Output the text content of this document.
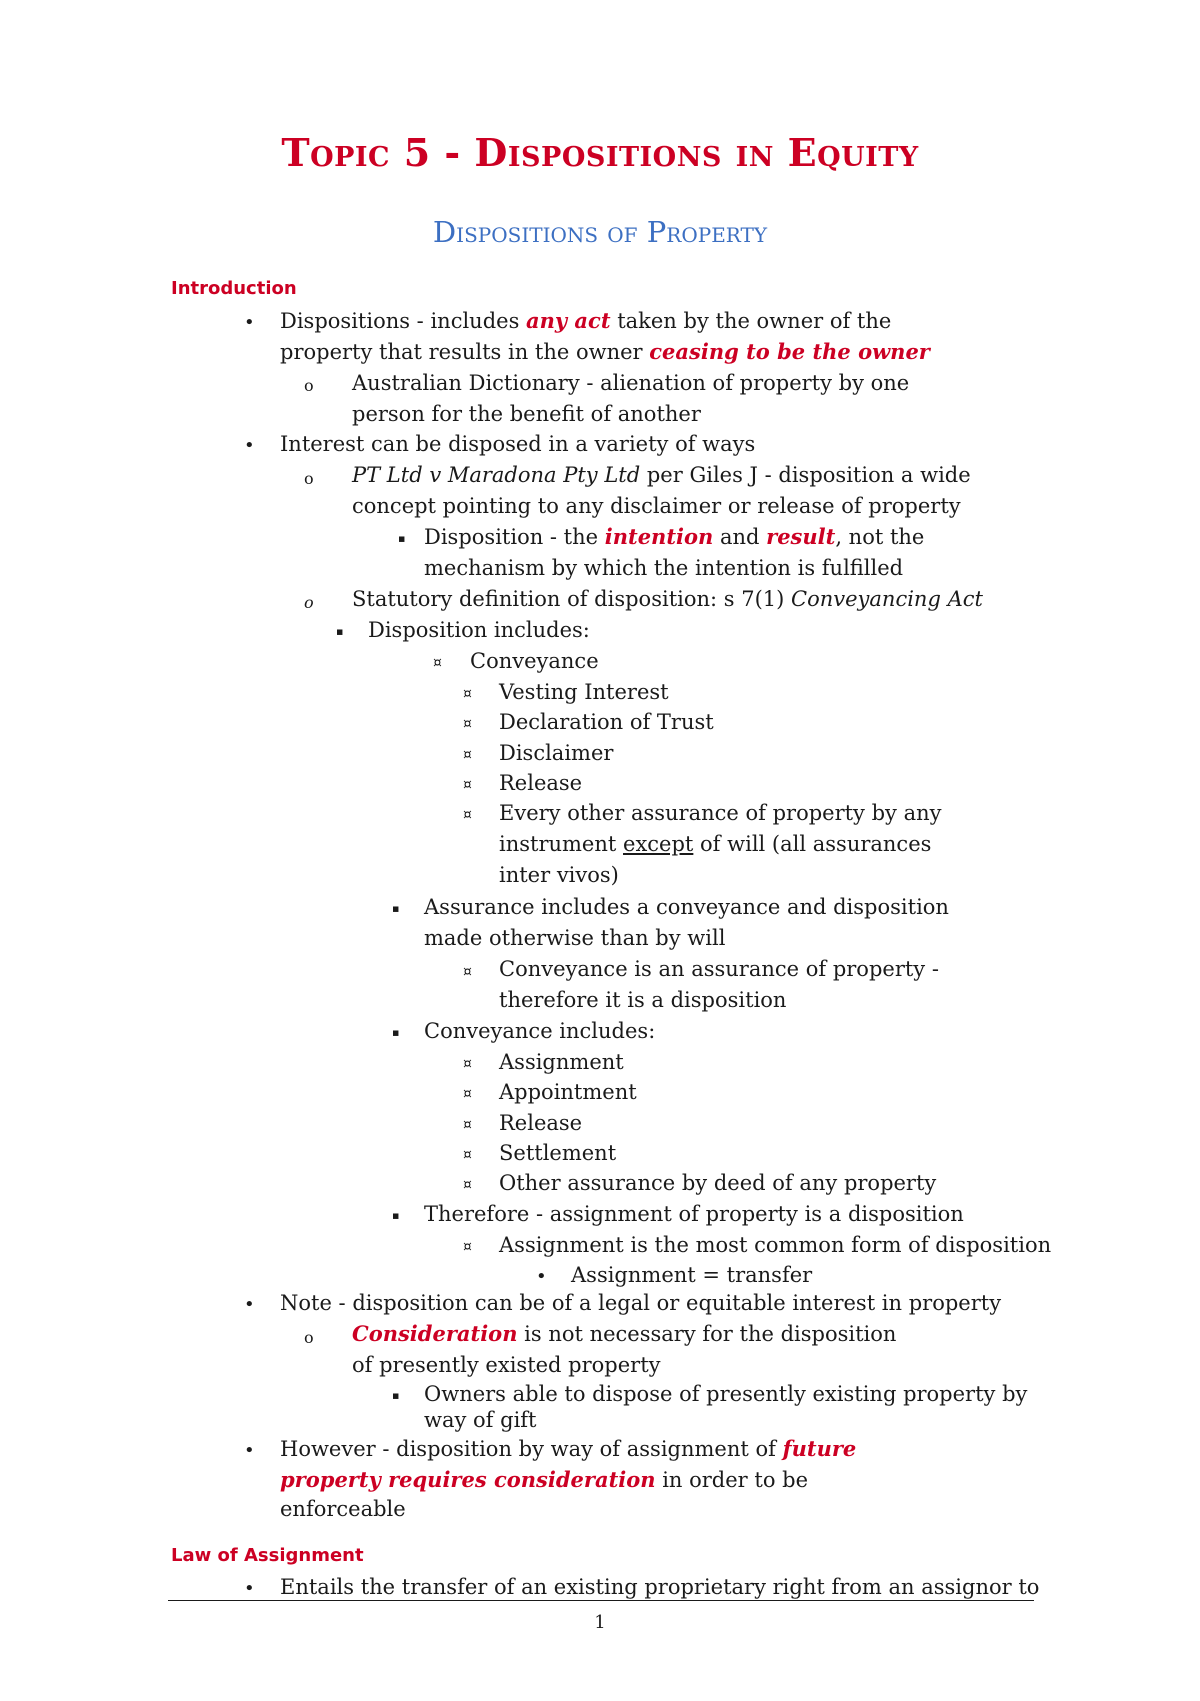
Topic 5 - Dispositions in Equity
Dispositions of Property
Introduction
• Dispositions - includes any act taken by the owner of the
property that results in the owner ceasing to be the owner
o Australian Dictionary - alienation of property by one
person for the benefit of another
• Interest can be disposed in a variety of ways
o PT Ltd v Maradona Pty Ltd per Giles J - disposition a wide
concept pointing to any disclaimer or release of property
▪ Disposition - the intention and result, not the
mechanism by which the intention is fulfilled
o Statutory definition of disposition: s 7(1) Conveyancing Act
▪ Disposition includes:
¤ Conveyance
¤ Vesting Interest
¤ Declaration of Trust
¤ Disclaimer
¤ Release
¤ Every other assurance of property by any
instrument except of will (all assurances
inter vivos)
▪ Assurance includes a conveyance and disposition
made otherwise than by will
¤ Conveyance is an assurance of property -
therefore it is a disposition
▪ Conveyance includes:
¤ Assignment
¤ Appointment
¤ Release
¤ Settlement
¤ Other assurance by deed of any property
▪ Therefore - assignment of property is a disposition
¤ Assignment is the most common form of disposition
• Assignment = transfer
• Note - disposition can be of a legal or equitable interest in property
o Consideration is not necessary for the disposition
of presently existed property
▪ Owners able to dispose of presently existing property by
way of gift
• However - disposition by way of assignment of future
property requires consideration in order to be
enforceable
Law of Assignment
• Entails the transfer of an existing proprietary right from an assignor to
1
